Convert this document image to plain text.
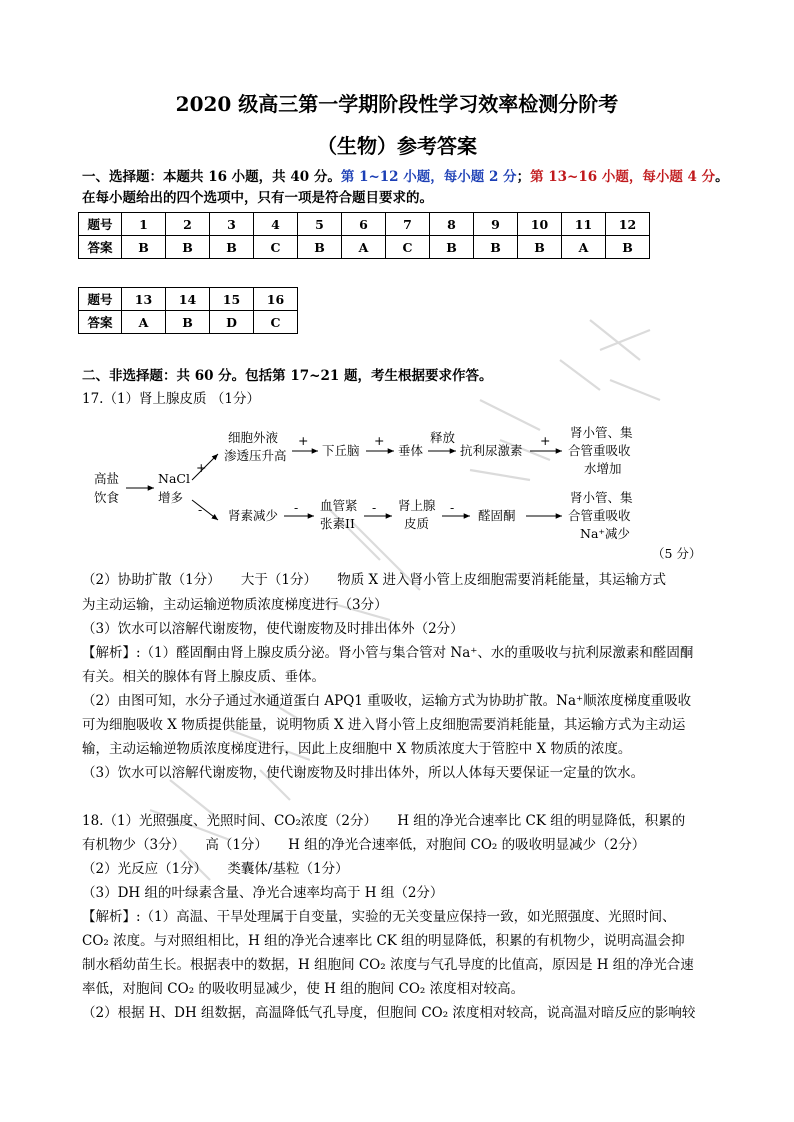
2020 级高三第一学期阶段性学习效率检测分阶考
（生物）参考答案
一、选择题：本题共 16 小题，共 40 分。第 1~12 小题，每小题 2 分；第 13~16 小题，每小题 4 分。
在每小题给出的四个选项中，只有一项是符合题目要求的。
题号	1	2	3	4	5	6	7	8	9	10	11	12
答案	B	B	B	C	B	A	C	B	B	B	A	B
题号	13	14	15	16
答案	A	B	D	C
二、非选择题：共 60 分。包括第 17~21 题，考生根据要求作答。
17.（1）肾上腺皮质 （1分）
高盐
饮食
NaCl
增多
+
-
细胞外液
渗透压升高
+
下丘脑
+
垂体
释放
抗利尿激素
+
肾小管、集
合管重吸收
水增加
肾素减少
- 血管紧
张素II
- 肾上腺
皮质
-
醛固酮
肾小管、集
合管重吸收
Na⁺减少
（5 分）
（2）协助扩散（1分）　　大于（1分）　　物质 X 进入肾小管上皮细胞需要消耗能量，其运输方式
为主动运输，主动运输逆物质浓度梯度进行（3分）
（3）饮水可以溶解代谢废物，使代谢废物及时排出体外（2分）
【解析】:（1）醛固酮由肾上腺皮质分泌。肾小管与集合管对 Na⁺、水的重吸收与抗利尿激素和醛固酮
有关。相关的腺体有肾上腺皮质、垂体。
（2）由图可知，水分子通过水通道蛋白 APQ1 重吸收，运输方式为协助扩散。Na⁺顺浓度梯度重吸收
可为细胞吸收 X 物质提供能量，说明物质 X 进入肾小管上皮细胞需要消耗能量，其运输方式为主动运
输，主动运输逆物质浓度梯度进行，因此上皮细胞中 X 物质浓度大于管腔中 X 物质的浓度。
（3）饮水可以溶解代谢废物，使代谢废物及时排出体外，所以人体每天要保证一定量的饮水。
18.（1）光照强度、光照时间、CO₂浓度（2分）　　H 组的净光合速率比 CK 组的明显降低，积累的
有机物少（3分）　　高（1分）　　H 组的净光合速率低，对胞间 CO₂ 的吸收明显减少（2分）
（2）光反应（1分）　　类囊体/基粒（1分）
（3）DH 组的叶绿素含量、净光合速率均高于 H 组（2分）
【解析】:（1）高温、干旱处理属于自变量，实验的无关变量应保持一致，如光照强度、光照时间、
CO₂ 浓度。与对照组相比，H 组的净光合速率比 CK 组的明显降低，积累的有机物少，说明高温会抑
制水稻幼苗生长。根据表中的数据，H 组胞间 CO₂ 浓度与气孔导度的比值高，原因是 H 组的净光合速
率低，对胞间 CO₂ 的吸收明显减少，使 H 组的胞间 CO₂ 浓度相对较高。
（2）根据 H、DH 组数据，高温降低气孔导度，但胞间 CO₂ 浓度相对较高，说高温对暗反应的影响较
